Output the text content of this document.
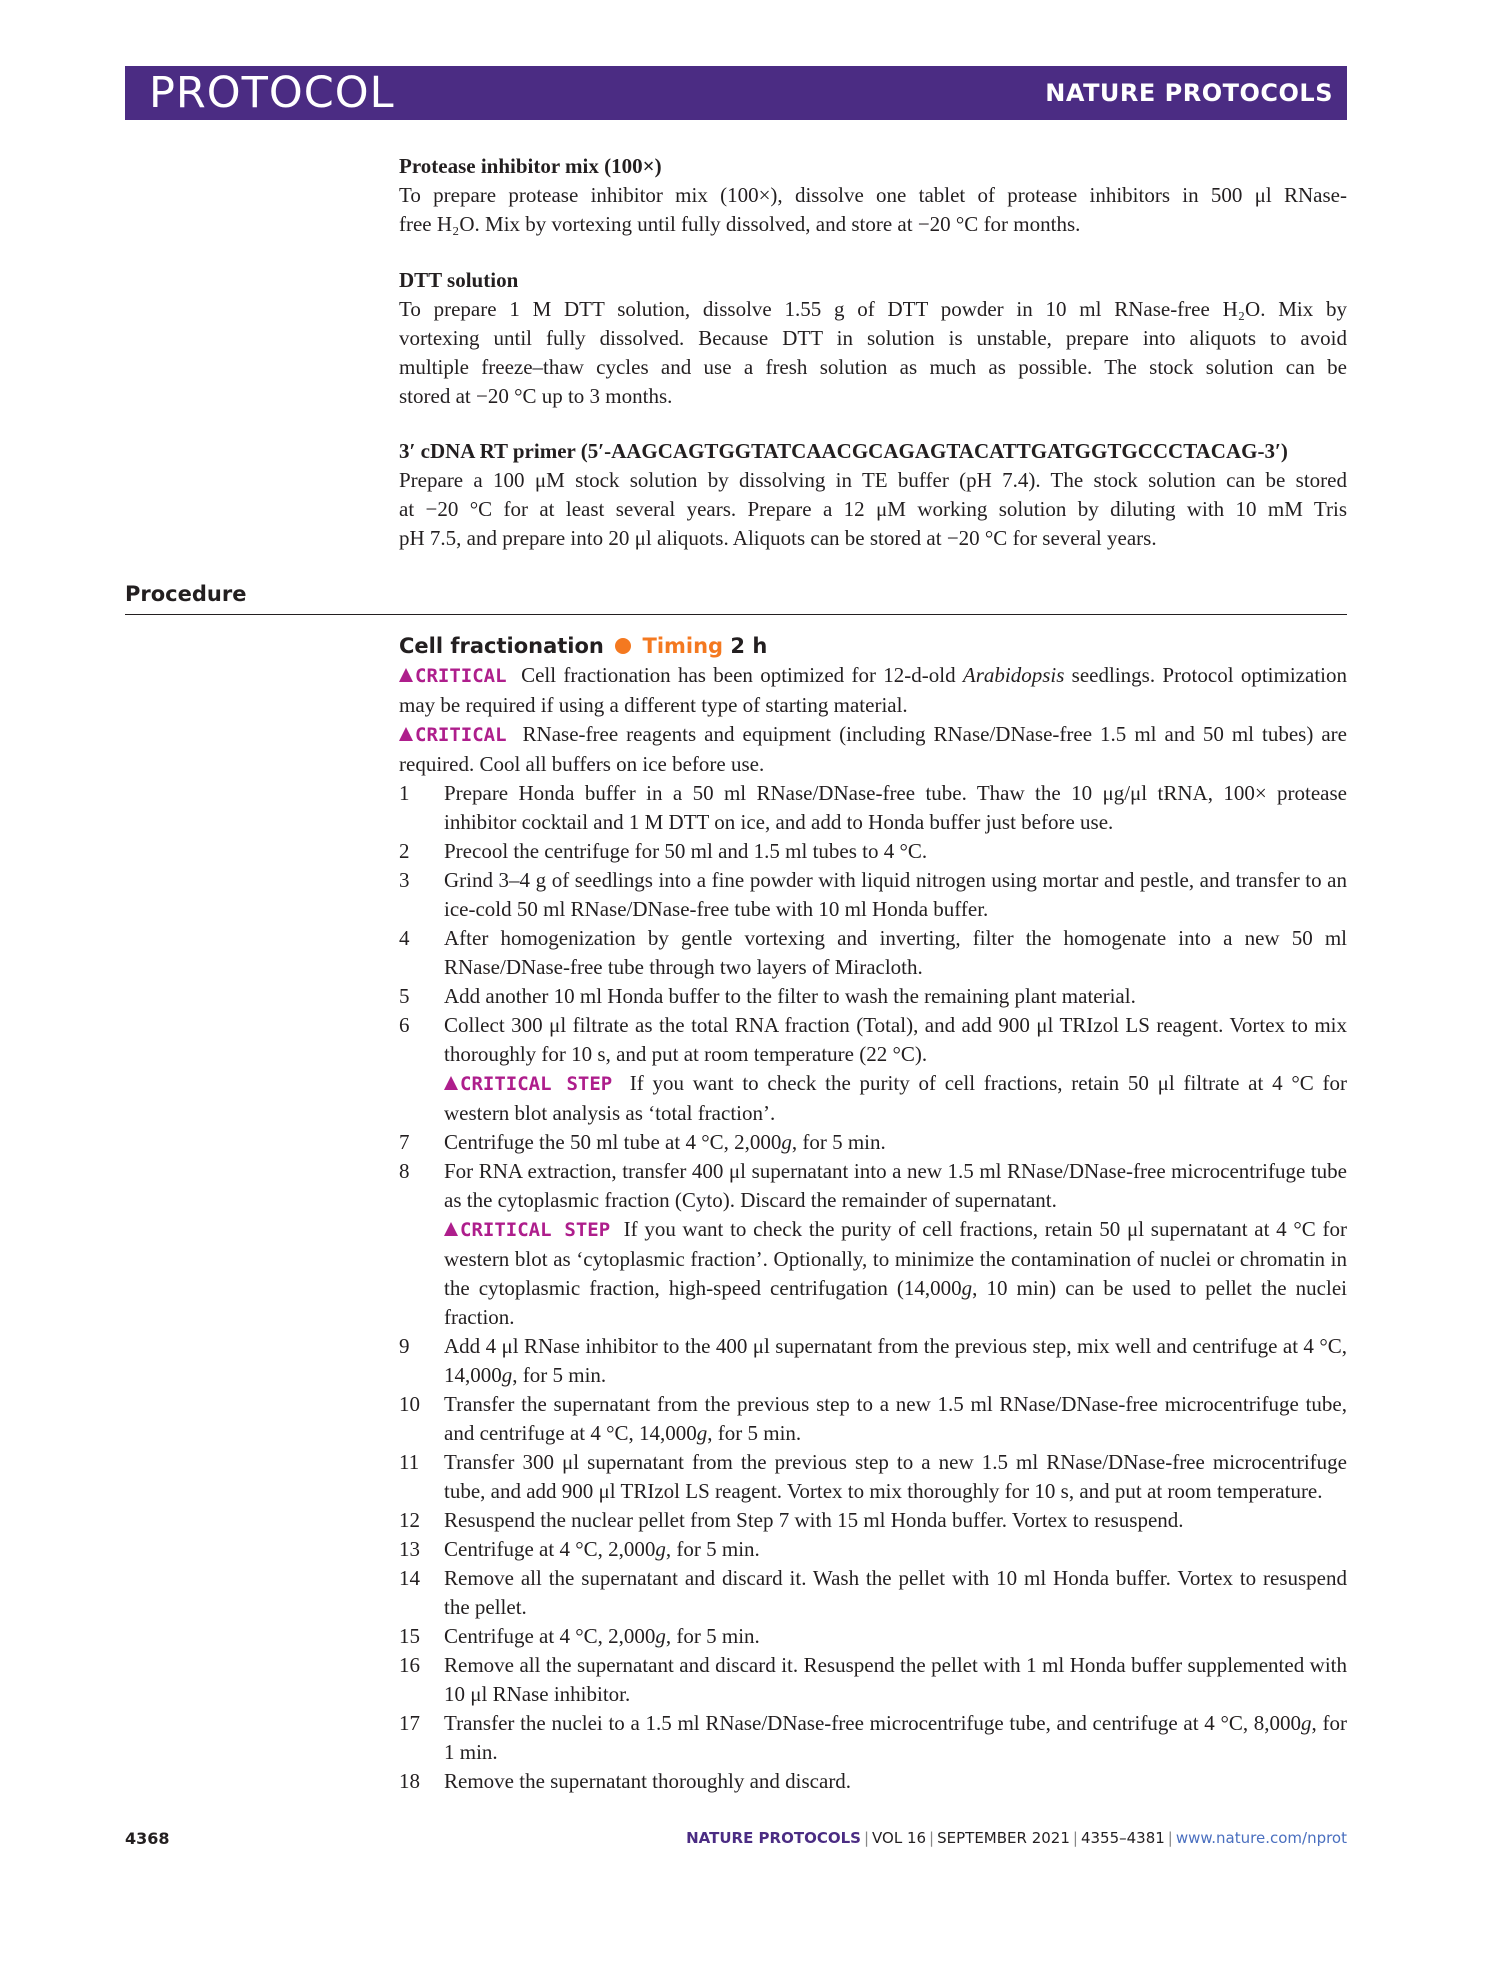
PROTOCOL	NATURE PROTOCOLS

Protease inhibitor mix (100×)

To prepare protease inhibitor mix (100×), dissolve one tablet of protease inhibitors in 500 μl RNase-

free H₂O. Mix by vortexing until fully dissolved, and store at −20 °C for months.

DTT solution

To prepare 1 M DTT solution, dissolve 1.55 g of DTT powder in 10 ml RNase-free H₂O. Mix by

vortexing until fully dissolved. Because DTT in solution is unstable, prepare into aliquots to avoid

multiple freeze–thaw cycles and use a fresh solution as much as possible. The stock solution can be

stored at −20 °C up to 3 months.

3′ cDNA RT primer (5′-AAGCAGTGGTATCAACGCAGAGTACATTGATGGTGCCCTACAG-3′)

Prepare a 100 μM stock solution by dissolving in TE buffer (pH 7.4). The stock solution can be stored

at −20 °C for at least several years. Prepare a 12 μM working solution by diluting with 10 mM Tris

pH 7.5, and prepare into 20 μl aliquots. Aliquots can be stored at −20 °C for several years.

Procedure
Cell fractionation Timing 2 h

CRITICAL Cell fractionation has been optimized for 12-d-old Arabidopsis seedlings. Protocol optimization may be required if using a different type of starting material.

CRITICAL RNase-free reagents and equipment (including RNase/DNase-free 1.5 ml and 50 ml tubes) are required. Cool all buffers on ice before use.

1 Prepare Honda buffer in a 50 ml RNase/DNase-free tube. Thaw the 10 μg/μl tRNA, 100× protease inhibitor cocktail and 1 M DTT on ice, and add to Honda buffer just before use.
2 Precool the centrifuge for 50 ml and 1.5 ml tubes to 4 °C.
3 Grind 3–4 g of seedlings into a fine powder with liquid nitrogen using mortar and pestle, and transfer to an ice-cold 50 ml RNase/DNase-free tube with 10 ml Honda buffer.
4 After homogenization by gentle vortexing and inverting, filter the homogenate into a new 50 ml RNase/DNase-free tube through two layers of Miracloth.
5 Add another 10 ml Honda buffer to the filter to wash the remaining plant material.
6 Collect 300 μl filtrate as the total RNA fraction (Total), and add 900 μl TRIzol LS reagent. Vortex to mix thoroughly for 10 s, and put at room temperature (22 °C).
CRITICAL STEP If you want to check the purity of cell fractions, retain 50 μl filtrate at 4 °C for western blot analysis as ‘total fraction’.
7 Centrifuge the 50 ml tube at 4 °C, 2,000g, for 5 min.
8 For RNA extraction, transfer 400 μl supernatant into a new 1.5 ml RNase/DNase-free microcentrifuge tube as the cytoplasmic fraction (Cyto). Discard the remainder of supernatant.
CRITICAL STEP If you want to check the purity of cell fractions, retain 50 μl supernatant at 4 °C for western blot as ‘cytoplasmic fraction’. Optionally, to minimize the contamination of nuclei or chromatin in the cytoplasmic fraction, high-speed centrifugation (14,000g, 10 min) can be used to pellet the nuclei fraction.
9 Add 4 μl RNase inhibitor to the 400 μl supernatant from the previous step, mix well and centrifuge at 4 °C, 14,000g, for 5 min.
10 Transfer the supernatant from the previous step to a new 1.5 ml RNase/DNase-free microcentrifuge tube, and centrifuge at 4 °C, 14,000g, for 5 min.
11 Transfer 300 μl supernatant from the previous step to a new 1.5 ml RNase/DNase-free microcentrifuge tube, and add 900 μl TRIzol LS reagent. Vortex to mix thoroughly for 10 s, and put at room temperature.
12 Resuspend the nuclear pellet from Step 7 with 15 ml Honda buffer. Vortex to resuspend.
13 Centrifuge at 4 °C, 2,000g, for 5 min.
14 Remove all the supernatant and discard it. Wash the pellet with 10 ml Honda buffer. Vortex to resuspend the pellet.
15 Centrifuge at 4 °C, 2,000g, for 5 min.
16 Remove all the supernatant and discard it. Resuspend the pellet with 1 ml Honda buffer supplemented with 10 μl RNase inhibitor.
17 Transfer the nuclei to a 1.5 ml RNase/DNase-free microcentrifuge tube, and centrifuge at 4 °C, 8,000g, for 1 min.
18 Remove the supernatant thoroughly and discard.
4368	NATURE PROTOCOLS | VOL 16 | SEPTEMBER 2021 | 4355–4381 | www.nature.com/nprot
